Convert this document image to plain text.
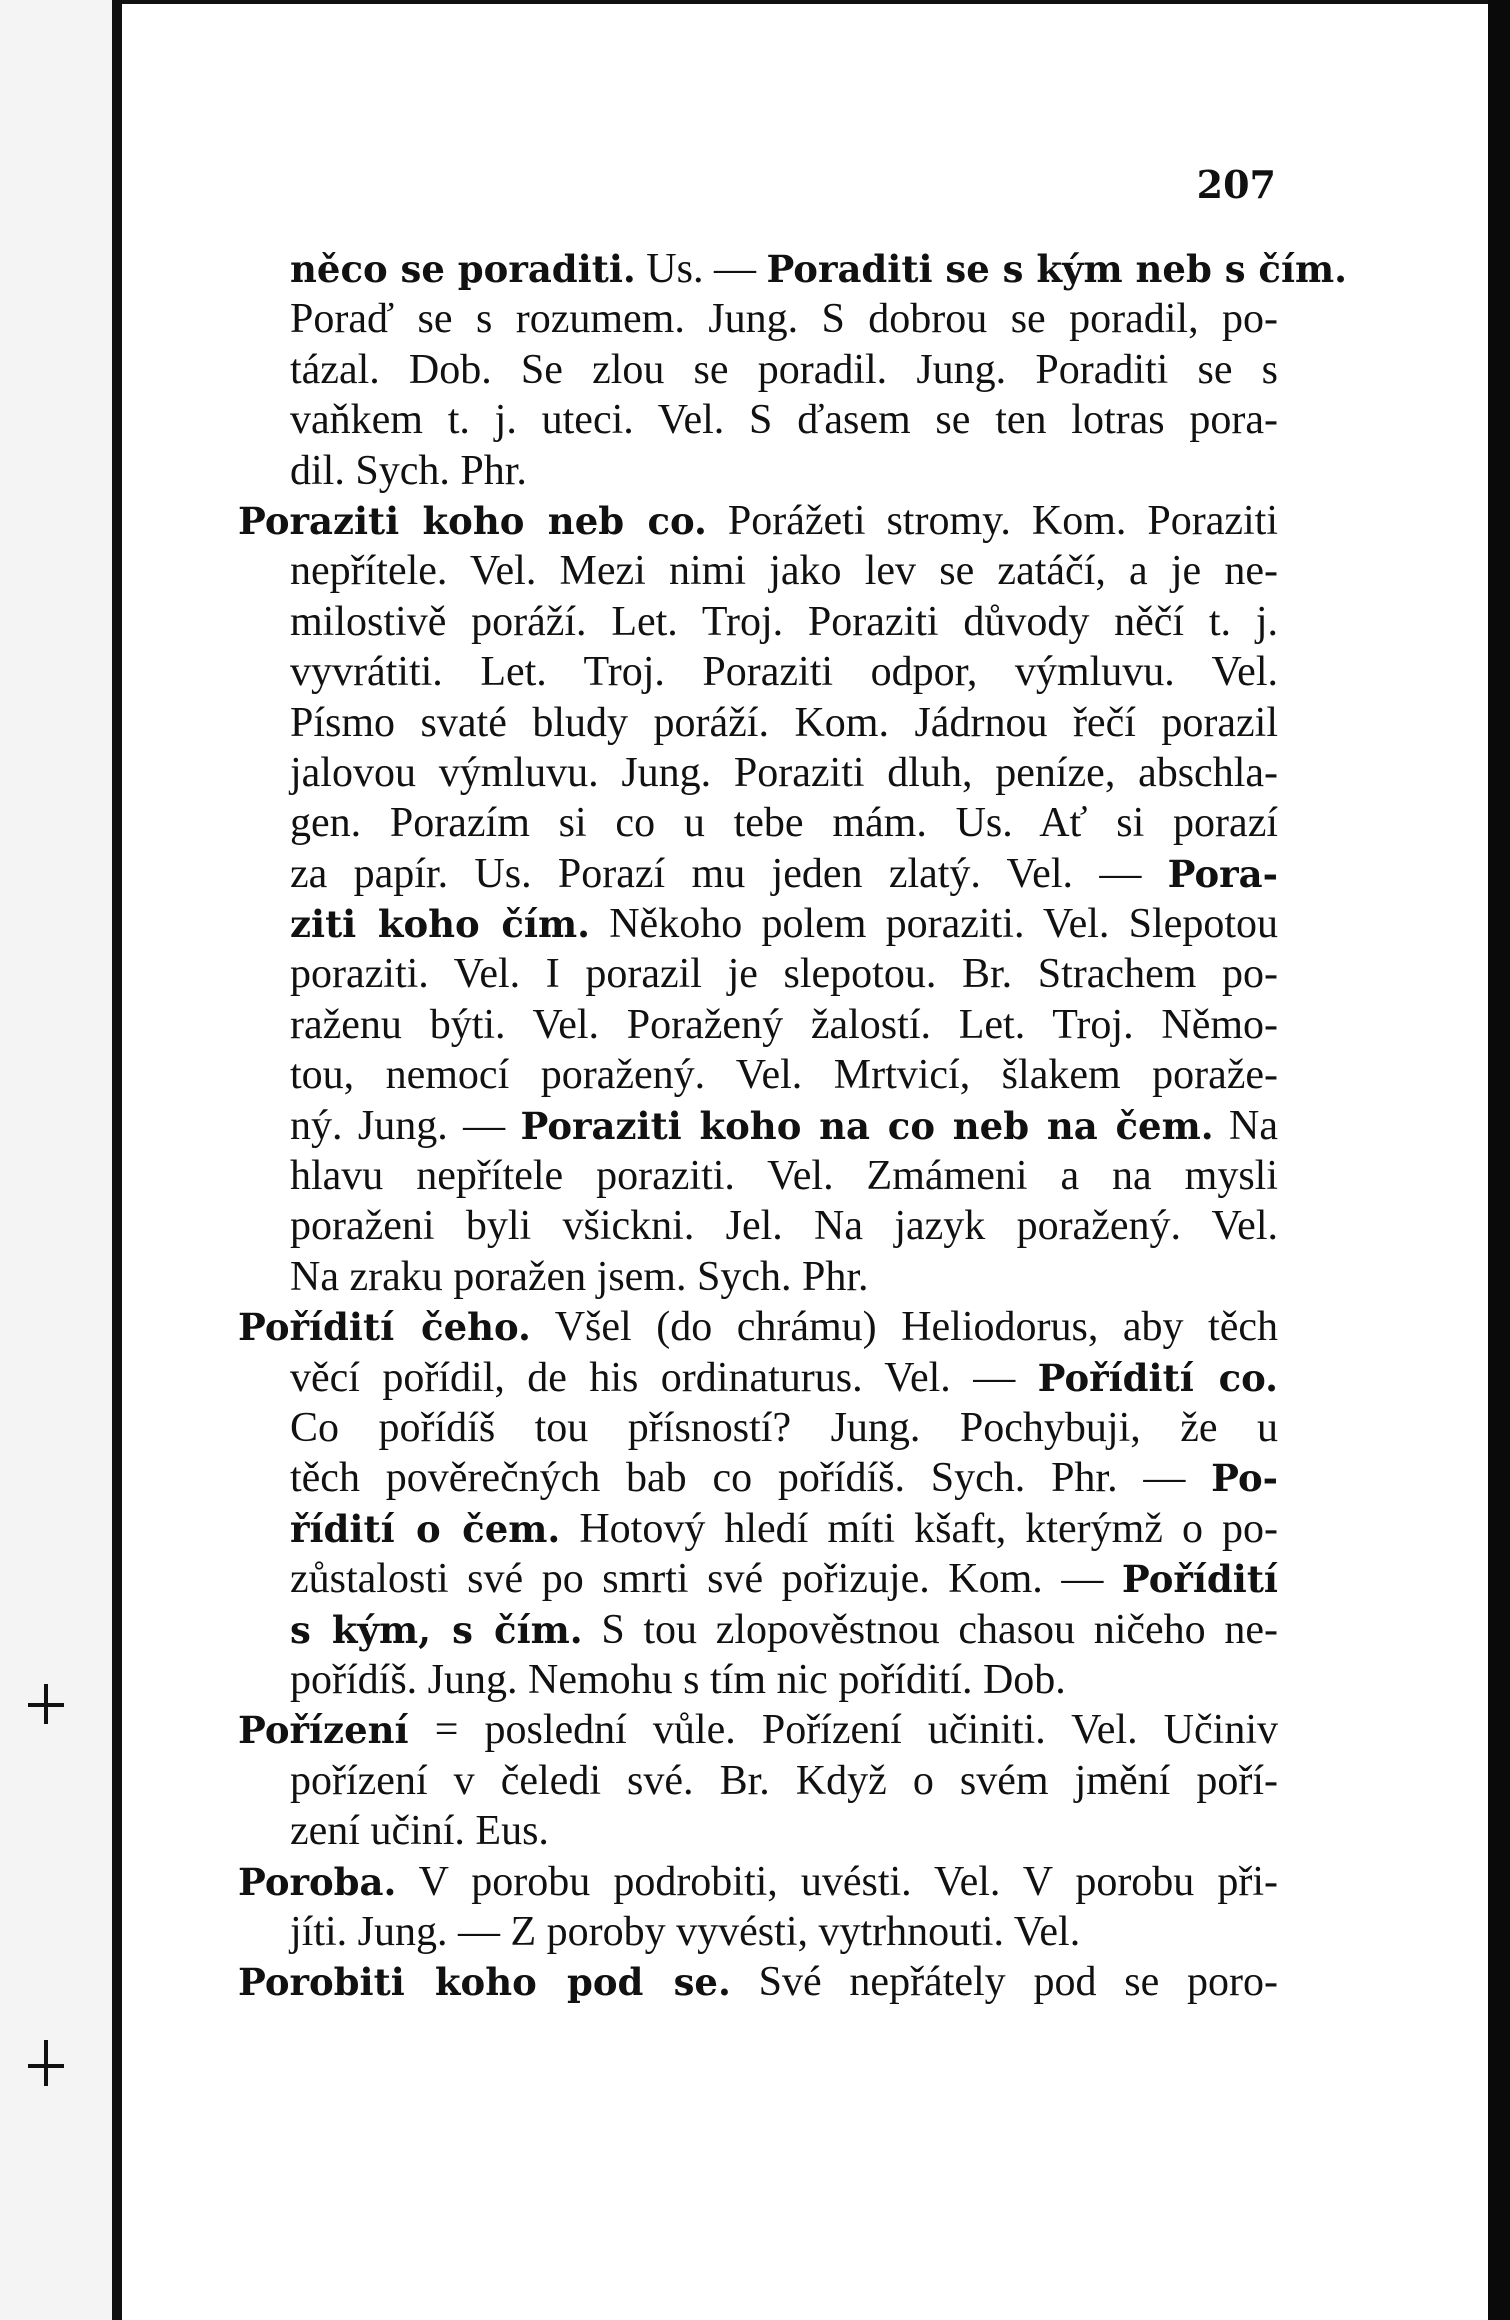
207
něco se poraditi. Us. — Poraditi se s kým neb s čím.
Poraď se s rozumem. Jung. S dobrou se poradil, po-
tázal. Dob. Se zlou se poradil. Jung. Poraditi se s
vaňkem t. j. uteci. Vel. S ďasem se ten lotras pora-
dil. Sych. Phr.
Poraziti koho neb co. Porážeti stromy. Kom. Poraziti
nepřítele. Vel. Mezi nimi jako lev se zatáčí, a je ne-
milostivě poráží. Let. Troj. Poraziti důvody něčí t. j.
vyvrátiti. Let. Troj. Poraziti odpor, výmluvu. Vel.
Písmo svaté bludy poráží. Kom. Jádrnou řečí porazil
jalovou výmluvu. Jung. Poraziti dluh, peníze, abschla-
gen. Porazím si co u tebe mám. Us. Ať si porazí
za papír. Us. Porazí mu jeden zlatý. Vel. — Pora-
ziti koho čím. Někoho polem poraziti. Vel. Slepotou
poraziti. Vel. I porazil je slepotou. Br. Strachem po-
raženu býti. Vel. Poražený žalostí. Let. Troj. Němo-
tou, nemocí poražený. Vel. Mrtvicí, šlakem poraže-
ný. Jung. — Poraziti koho na co neb na čem. Na
hlavu nepřítele poraziti. Vel. Zmámeni a na mysli
poraženi byli všickni. Jel. Na jazyk poražený. Vel.
Na zraku poražen jsem. Sych. Phr.
Pořídití čeho. Všel (do chrámu) Heliodorus, aby těch
věcí pořídil, de his ordinaturus. Vel. — Pořídití co.
Co pořídíš tou přísností? Jung. Pochybuji, že u
těch pověrečných bab co pořídíš. Sych. Phr. — Po-
řídití o čem. Hotový hledí míti kšaft, kterýmž o po-
zůstalosti své po smrti své pořizuje. Kom. — Pořídití
s kým, s čím. S tou zlopověstnou chasou ničeho ne-
pořídíš. Jung. Nemohu s tím nic pořídití. Dob.
Pořízení = poslední vůle. Pořízení učiniti. Vel. Učiniv
pořízení v čeledi své. Br. Když o svém jmění poří-
zení učiní. Eus.
Poroba. V porobu podrobiti, uvésti. Vel. V porobu při-
jíti. Jung. — Z poroby vyvésti, vytrhnouti. Vel.
Porobiti koho pod se. Své nepřátely pod se poro-
